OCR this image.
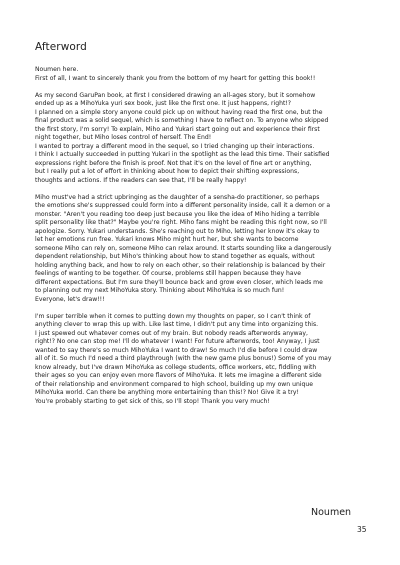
Afterword
Noumen here.
First of all, I want to sincerely thank you from the bottom of my heart for getting this book!!
As my second GaruPan book, at first I considered drawing an all-ages story, but it somehow
ended up as a MihoYuka yuri sex book, just like the first one. It just happens, right!?
I planned on a simple story anyone could pick up on without having read the first one, but the
final product was a solid sequel, which is something I have to reflect on. To anyone who skipped
the first story, I'm sorry! To explain, Miho and Yukari start going out and experience their first
night together, but Miho loses control of herself. The End!
I wanted to portray a different mood in the sequel, so I tried changing up their interactions.
I think I actually succeeded in putting Yukari in the spotlight as the lead this time. Their satisfied
expressions right before the finish is proof. Not that it's on the level of fine art or anything,
but I really put a lot of effort in thinking about how to depict their shifting expressions,
thoughts and actions. If the readers can see that, I'll be really happy!
Miho must've had a strict upbringing as the daughter of a sensha-do practitioner, so perhaps
the emotions she's suppressed could form into a different personality inside, call it a demon or a
monster. "Aren't you reading too deep just because you like the idea of Miho hiding a terrible
split personality like that?" Maybe you're right. Miho fans might be reading this right now, so I'll
apologize. Sorry. Yukari understands. She's reaching out to Miho, letting her know it's okay to
let her emotions run free. Yukari knows Miho might hurt her, but she wants to become
someone Miho can rely on, someone Miho can relax around. It starts sounding like a dangerously
dependent relationship, but Miho's thinking about how to stand together as equals, without
holding anything back, and how to rely on each other, so their relationship is balanced by their
feelings of wanting to be together. Of course, problems still happen because they have
different expectations. But I'm sure they'll bounce back and grow even closer, which leads me
to planning out my next MihoYuka story. Thinking about MihoYuka is so much fun!
Everyone, let's draw!!!
I'm super terrible when it comes to putting down my thoughts on paper, so I can't think of
anything clever to wrap this up with. Like last time, I didn't put any time into organizing this.
I just spewed out whatever comes out of my brain. But nobody reads afterwords anyway,
right!? No one can stop me! I'll do whatever I want! For future afterwords, too! Anyway, I just
wanted to say there's so much MihoYuka I want to draw! So much I'd die before I could draw
all of it. So much I'd need a third playthrough (with the new game plus bonus!) Some of you may
know already, but I've drawn MihoYuka as college students, office workers, etc, fiddling with
their ages so you can enjoy even more flavors of MihoYuka. It lets me imagine a different side
of their relationship and environment compared to high school, building up my own unique
MihoYuka world. Can there be anything more entertaining than this!? No! Give it a try!
You're probably starting to get sick of this, so I'll stop! Thank you very much!
Noumen
35
